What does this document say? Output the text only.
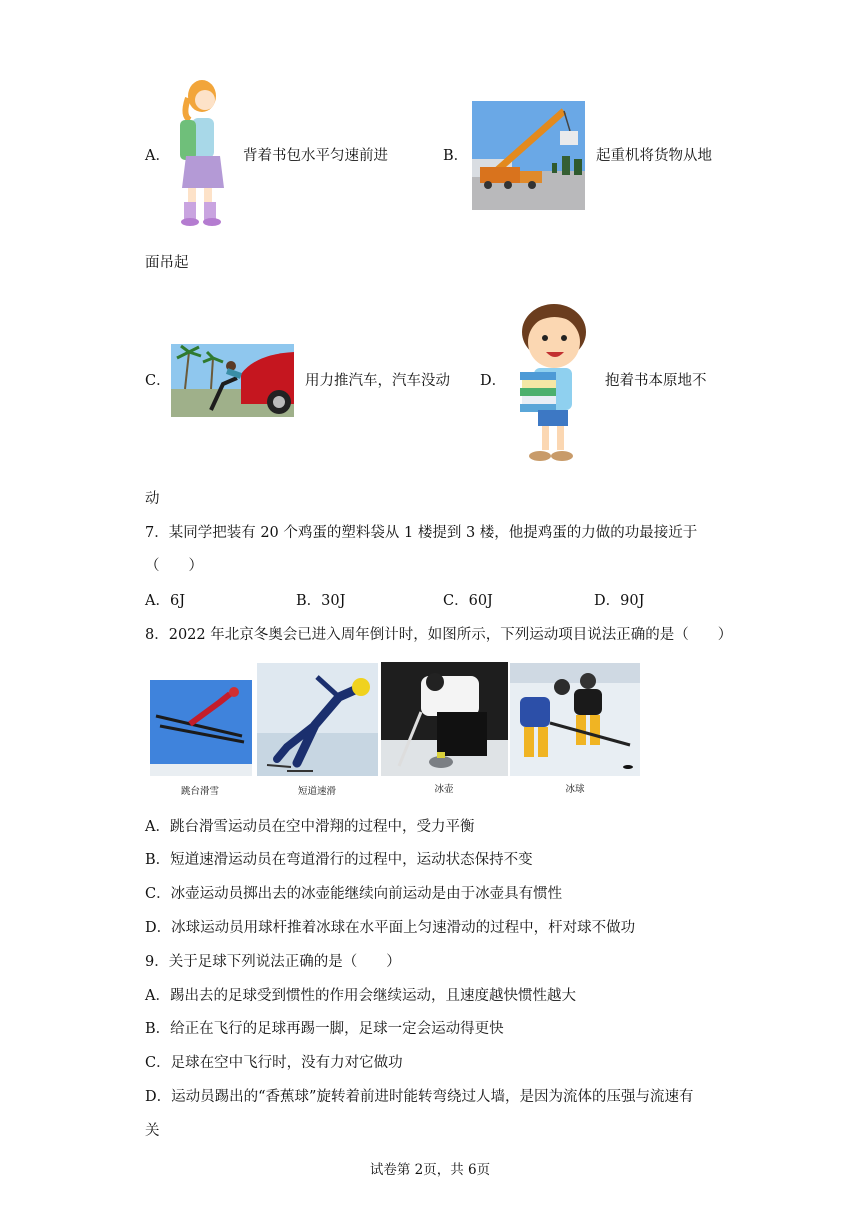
A．	背着书包水平匀速前进	B．	起重机将货物从地
面吊起
C．	用力推汽车，汽车没动 D．	抱着书本原地不
动
7．某同学把装有 20 个鸡蛋的塑料袋从 1 楼提到 3 楼，他提鸡蛋的力做的功最接近于
（　　）
A．6J	B．30J	C．60J	D．90J
8．2022 年北京冬奥会已进入周年倒计时，如图所示，下列运动项目说法正确的是（　　）
跳台滑雪	短道速滑	冰壶	冰球
A．跳台滑雪运动员在空中滑翔的过程中，受力平衡
B．短道速滑运动员在弯道滑行的过程中，运动状态保持不变
C．冰壶运动员掷出去的冰壶能继续向前运动是由于冰壶具有惯性
D．冰球运动员用球杆推着冰球在水平面上匀速滑动的过程中，杆对球不做功
9．关于足球下列说法正确的是（　　）
A．踢出去的足球受到惯性的作用会继续运动，且速度越快惯性越大
B．给正在飞行的足球再踢一脚，足球一定会运动得更快
C．足球在空中飞行时，没有力对它做功
D．运动员踢出的“香蕉球”旋转着前进时能转弯绕过人墙，是因为流体的压强与流速有
关
试卷第 2页，共 6页
